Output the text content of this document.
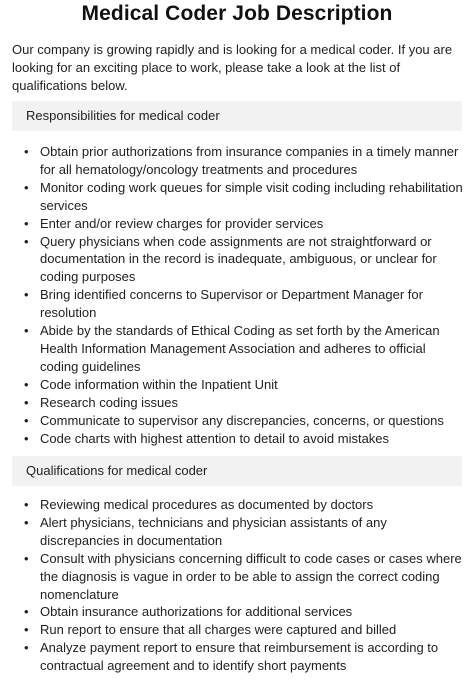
Medical Coder Job Description
Our company is growing rapidly and is looking for a medical coder. If you are looking for an exciting place to work, please take a look at the list of qualifications below.
Responsibilities for medical coder
• Obtain prior authorizations from insurance companies in a timely manner for all hematology/oncology treatments and procedures
• Monitor coding work queues for simple visit coding including rehabilitation services
• Enter and/or review charges for provider services
• Query physicians when code assignments are not straightforward or documentation in the record is inadequate, ambiguous, or unclear for coding purposes
• Bring identified concerns to Supervisor or Department Manager for resolution
• Abide by the standards of Ethical Coding as set forth by the American Health Information Management Association and adheres to official coding guidelines
• Code information within the Inpatient Unit
• Research coding issues
• Communicate to supervisor any discrepancies, concerns, or questions
• Code charts with highest attention to detail to avoid mistakes
Qualifications for medical coder
• Reviewing medical procedures as documented by doctors
• Alert physicians, technicians and physician assistants of any discrepancies in documentation
• Consult with physicians concerning difficult to code cases or cases where the diagnosis is vague in order to be able to assign the correct coding nomenclature
• Obtain insurance authorizations for additional services
• Run report to ensure that all charges were captured and billed
• Analyze payment report to ensure that reimbursement is according to contractual agreement and to identify short payments
